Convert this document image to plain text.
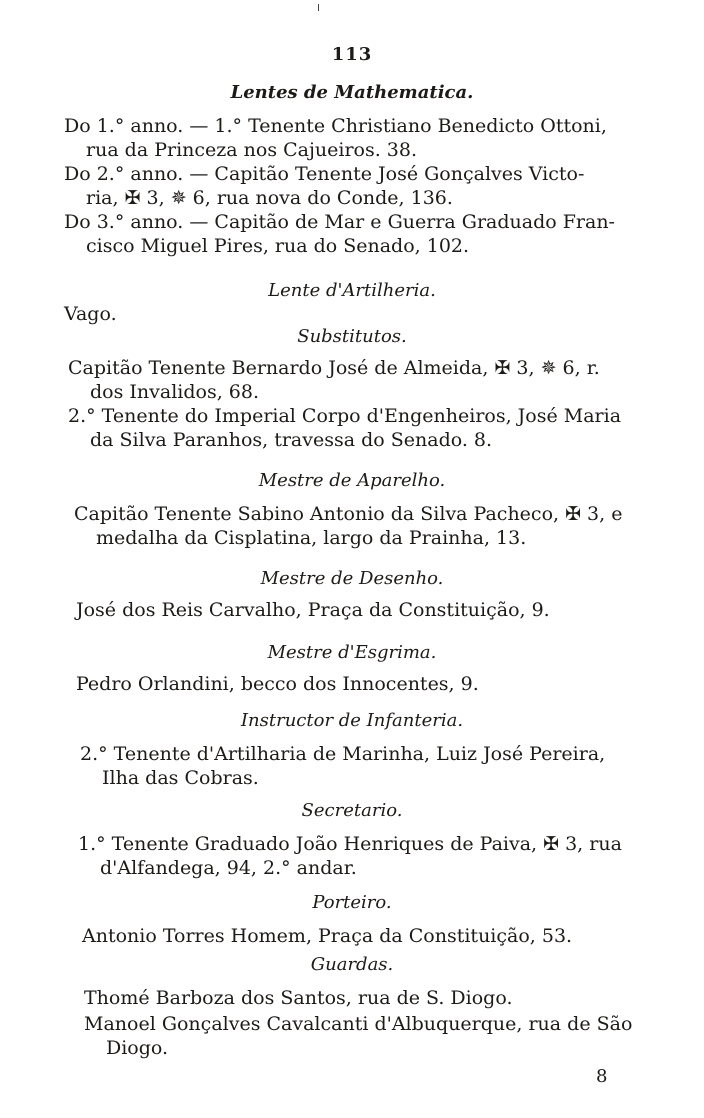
113
Lentes de Mathematica.
Do 1.° anno. — 1.° Tenente Christiano Benedicto Ottoni,
rua da Princeza nos Cajueiros. 38.
Do 2.° anno. — Capitão Tenente José Gonçalves Victo-
ria, ✠ 3, ✵ 6, rua nova do Conde, 136.
Do 3.° anno. — Capitão de Mar e Guerra Graduado Fran-
cisco Miguel Pires, rua do Senado, 102.
Lente d'Artilheria.
Vago.
Substitutos.
Capitão Tenente Bernardo José de Almeida, ✠ 3, ✵ 6, r.
dos Invalidos, 68.
2.° Tenente do Imperial Corpo d'Engenheiros, José Maria
da Silva Paranhos, travessa do Senado. 8.
Mestre de Aparelho.
Capitão Tenente Sabino Antonio da Silva Pacheco, ✠ 3, e
medalha da Cisplatina, largo da Prainha, 13.
Mestre de Desenho.
José dos Reis Carvalho, Praça da Constituição, 9.
Mestre d'Esgrima.
Pedro Orlandini, becco dos Innocentes, 9.
Instructor de Infanteria.
2.° Tenente d'Artilharia de Marinha, Luiz José Pereira,
Ilha das Cobras.
Secretario.
1.° Tenente Graduado João Henriques de Paiva, ✠ 3, rua
d'Alfandega, 94, 2.° andar.
Porteiro.
Antonio Torres Homem, Praça da Constituição, 53.
Guardas.
Thomé Barboza dos Santos, rua de S. Diogo.
Manoel Gonçalves Cavalcanti d'Albuquerque, rua de São
Diogo.
8
